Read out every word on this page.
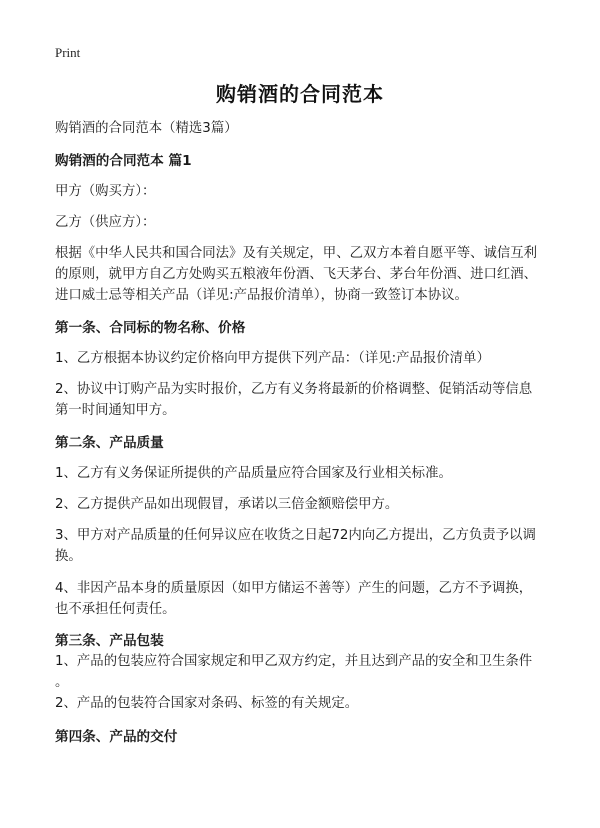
Print
购销酒的合同范本
购销酒的合同范本（精选3篇）
购销酒的合同范本 篇1
甲方（购买方）：
乙方（供应方）：
根据《中华人民共和国合同法》及有关规定，甲、乙双方本着自愿平等、诚信互利
的原则，就甲方自乙方处购买五粮液年份酒、飞天茅台、茅台年份酒、进口红酒、
进口威士忌等相关产品（详见:产品报价清单），协商一致签订本协议。
第一条、合同标的物名称、价格
1、乙方根据本协议约定价格向甲方提供下列产品：（详见:产品报价清单）
2、协议中订购产品为实时报价，乙方有义务将最新的价格调整、促销活动等信息
第一时间通知甲方。
第二条、产品质量
1、乙方有义务保证所提供的产品质量应符合国家及行业相关标准。
2、乙方提供产品如出现假冒，承诺以三倍金额赔偿甲方。
3、甲方对产品质量的任何异议应在收货之日起72内向乙方提出，乙方负责予以调
换。
4、非因产品本身的质量原因（如甲方储运不善等）产生的问题，乙方不予调换，
也不承担任何责任。
第三条、产品包装
1、产品的包装应符合国家规定和甲乙双方约定，并且达到产品的安全和卫生条件
。
2、产品的包装符合国家对条码、标签的有关规定。
第四条、产品的交付
